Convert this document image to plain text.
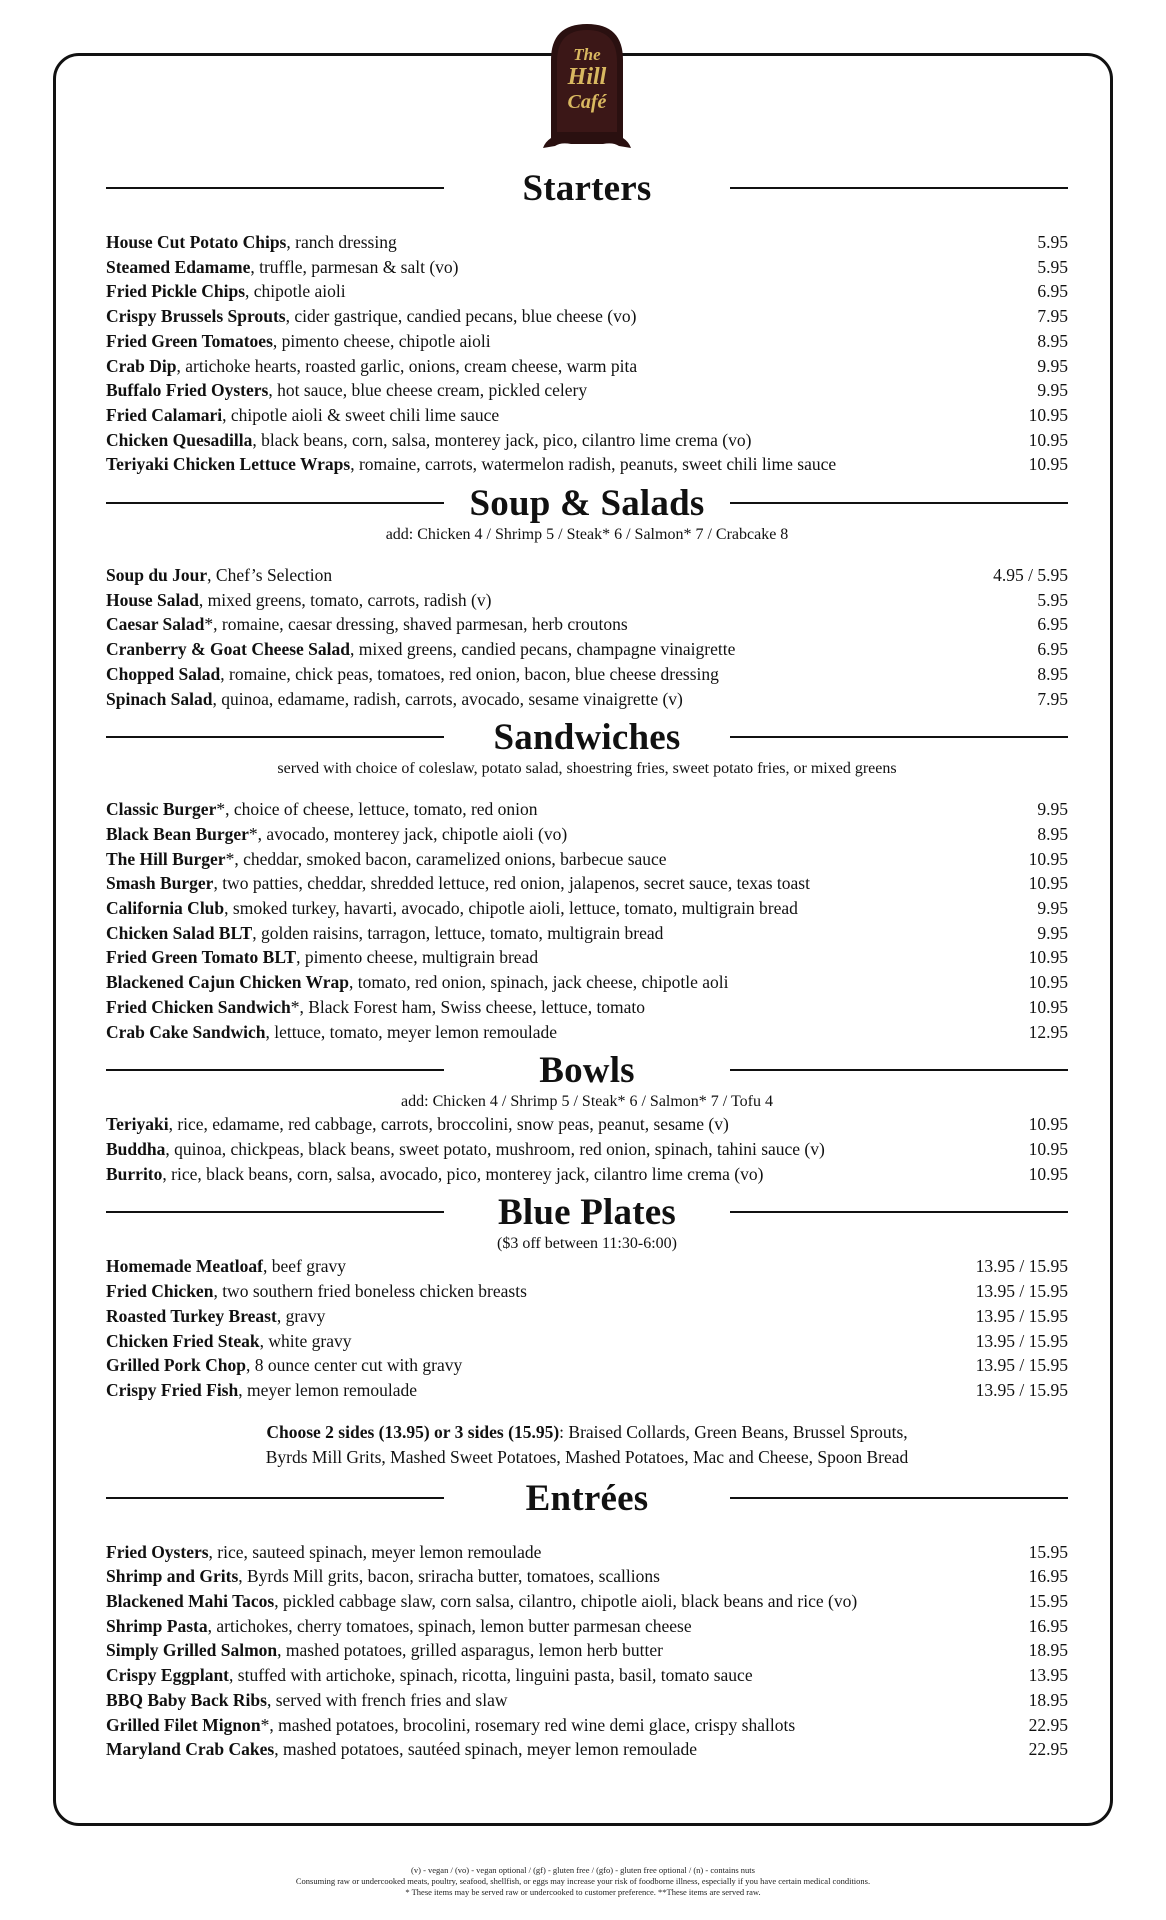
The
Hill
Café
Starters
House Cut Potato Chips, ranch dressing	5.95
Steamed Edamame, truffle, parmesan & salt (vo)	5.95
Fried Pickle Chips, chipotle aioli	6.95
Crispy Brussels Sprouts, cider gastrique, candied pecans, blue cheese (vo)	7.95
Fried Green Tomatoes, pimento cheese, chipotle aioli	8.95
Crab Dip, artichoke hearts, roasted garlic, onions, cream cheese, warm pita	9.95
Buffalo Fried Oysters, hot sauce, blue cheese cream, pickled celery	9.95
Fried Calamari, chipotle aioli & sweet chili lime sauce	10.95
Chicken Quesadilla, black beans, corn, salsa, monterey jack, pico, cilantro lime crema (vo)	10.95
Teriyaki Chicken Lettuce Wraps, romaine, carrots, watermelon radish, peanuts, sweet chili lime sauce	10.95
Soup & Salads
add: Chicken 4 / Shrimp 5 / Steak* 6 / Salmon* 7 / Crabcake 8
Soup du Jour, Chef’s Selection	4.95 / 5.95
House Salad, mixed greens, tomato, carrots, radish (v)	5.95
Caesar Salad*, romaine, caesar dressing, shaved parmesan, herb croutons	6.95
Cranberry & Goat Cheese Salad, mixed greens, candied pecans, champagne vinaigrette	6.95
Chopped Salad, romaine, chick peas, tomatoes, red onion, bacon, blue cheese dressing	8.95
Spinach Salad, quinoa, edamame, radish, carrots, avocado, sesame vinaigrette (v)	7.95
Sandwiches
served with choice of coleslaw, potato salad, shoestring fries, sweet potato fries, or mixed greens
Classic Burger*, choice of cheese, lettuce, tomato, red onion	9.95
Black Bean Burger*, avocado, monterey jack, chipotle aioli (vo)	8.95
The Hill Burger*, cheddar, smoked bacon, caramelized onions, barbecue sauce	10.95
Smash Burger, two patties, cheddar, shredded lettuce, red onion, jalapenos, secret sauce, texas toast	10.95
California Club, smoked turkey, havarti, avocado, chipotle aioli, lettuce, tomato, multigrain bread	9.95
Chicken Salad BLT, golden raisins, tarragon, lettuce, tomato, multigrain bread	9.95
Fried Green Tomato BLT, pimento cheese, multigrain bread	10.95
Blackened Cajun Chicken Wrap, tomato, red onion, spinach, jack cheese, chipotle aoli	10.95
Fried Chicken Sandwich*, Black Forest ham, Swiss cheese, lettuce, tomato	10.95
Crab Cake Sandwich, lettuce, tomato, meyer lemon remoulade	12.95
Bowls
add: Chicken 4 / Shrimp 5 / Steak* 6 / Salmon* 7 / Tofu 4
Teriyaki, rice, edamame, red cabbage, carrots, broccolini, snow peas, peanut, sesame (v)	10.95
Buddha, quinoa, chickpeas, black beans, sweet potato, mushroom, red onion, spinach, tahini sauce (v)	10.95
Burrito, rice, black beans, corn, salsa, avocado, pico, monterey jack, cilantro lime crema (vo)	10.95
Blue Plates
($3 off between 11:30-6:00)
Homemade Meatloaf, beef gravy	13.95 / 15.95
Fried Chicken, two southern fried boneless chicken breasts	13.95 / 15.95
Roasted Turkey Breast, gravy	13.95 / 15.95
Chicken Fried Steak, white gravy	13.95 / 15.95
Grilled Pork Chop, 8 ounce center cut with gravy	13.95 / 15.95
Crispy Fried Fish, meyer lemon remoulade	13.95 / 15.95
Choose 2 sides (13.95) or 3 sides (15.95): Braised Collards, Green Beans, Brussel Sprouts,
Byrds Mill Grits, Mashed Sweet Potatoes, Mashed Potatoes, Mac and Cheese, Spoon Bread
Entrées
Fried Oysters, rice, sauteed spinach, meyer lemon remoulade	15.95
Shrimp and Grits, Byrds Mill grits, bacon, sriracha butter, tomatoes, scallions	16.95
Blackened Mahi Tacos, pickled cabbage slaw, corn salsa, cilantro, chipotle aioli, black beans and rice (vo)	15.95
Shrimp Pasta, artichokes, cherry tomatoes, spinach, lemon butter parmesan cheese	16.95
Simply Grilled Salmon, mashed potatoes, grilled asparagus, lemon herb butter	18.95
Crispy Eggplant, stuffed with artichoke, spinach, ricotta, linguini pasta, basil, tomato sauce	13.95
BBQ Baby Back Ribs, served with french fries and slaw	18.95
Grilled Filet Mignon*, mashed potatoes, brocolini, rosemary red wine demi glace, crispy shallots	22.95
Maryland Crab Cakes, mashed potatoes, sautéed spinach, meyer lemon remoulade	22.95
(v) - vegan / (vo) - vegan optional / (gf) - gluten free / (gfo) - gluten free optional / (n) - contains nuts
Consuming raw or undercooked meats, poultry, seafood, shellfish, or eggs may increase your risk of foodborne illness, especially if you have certain medical conditions.
* These items may be served raw or undercooked to customer preference. **These items are served raw.
